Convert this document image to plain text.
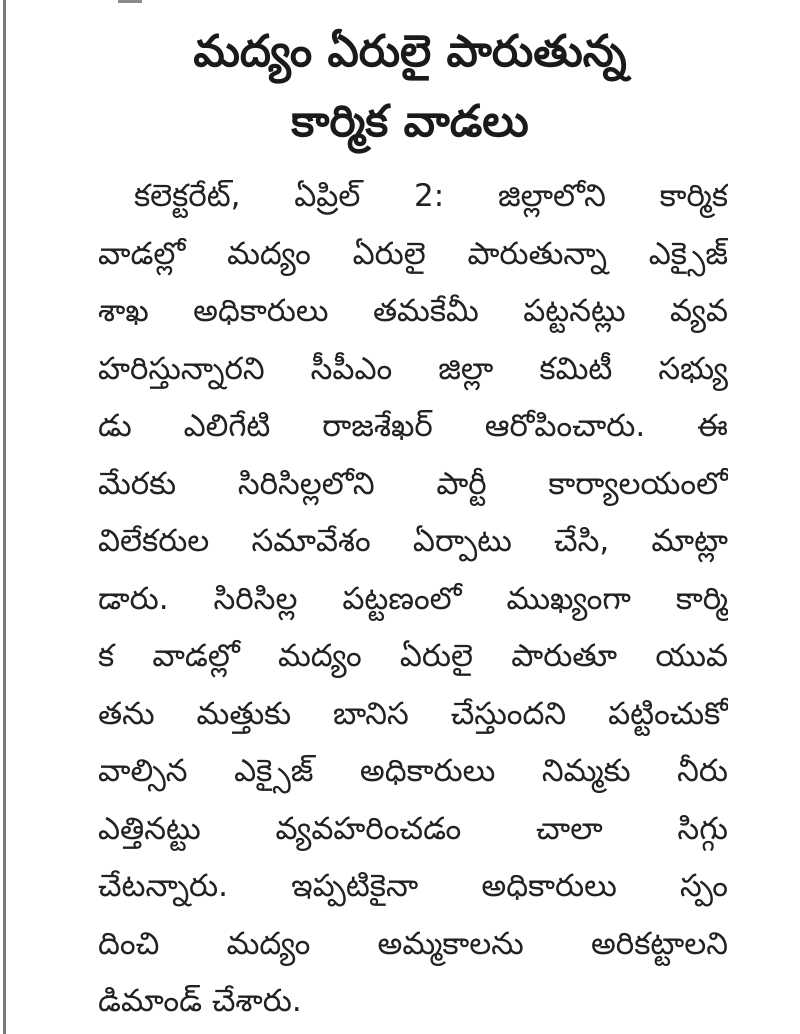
మద్యం ఏరులై పారుతున్న
కార్మిక వాడలు
కలెక్టరేట్, ఏప్రిల్ 2: జిల్లాలోని కార్మిక
వాడల్లో మద్యం ఏరులై పారుతున్నా ఎక్సైజ్
శాఖ అధికారులు తమకేమీ పట్టనట్లు వ్యవ
హరిస్తున్నారని సీపీఎం జిల్లా కమిటీ సభ్యు
డు ఎలిగేటి రాజశేఖర్ ఆరోపించారు. ఈ
మేరకు సిరిసిల్లలోని పార్టీ కార్యాలయంలో
విలేకరుల సమావేశం ఏర్పాటు చేసి, మాట్లా
డారు. సిరిసిల్ల పట్టణంలో ముఖ్యంగా కార్మి
క వాడల్లో మద్యం ఏరులై పారుతూ యువ
తను మత్తుకు బానిస చేస్తుందని పట్టించుకో
వాల్సిన ఎక్సైజ్ అధికారులు నిమ్మకు నీరు
ఎత్తినట్టు వ్యవహరించడం చాలా సిగ్గు
చేటన్నారు. ఇప్పటికైనా అధికారులు స్పం
దించి మద్యం అమ్మకాలను అరికట్టాలని
డిమాండ్ చేశారు.
